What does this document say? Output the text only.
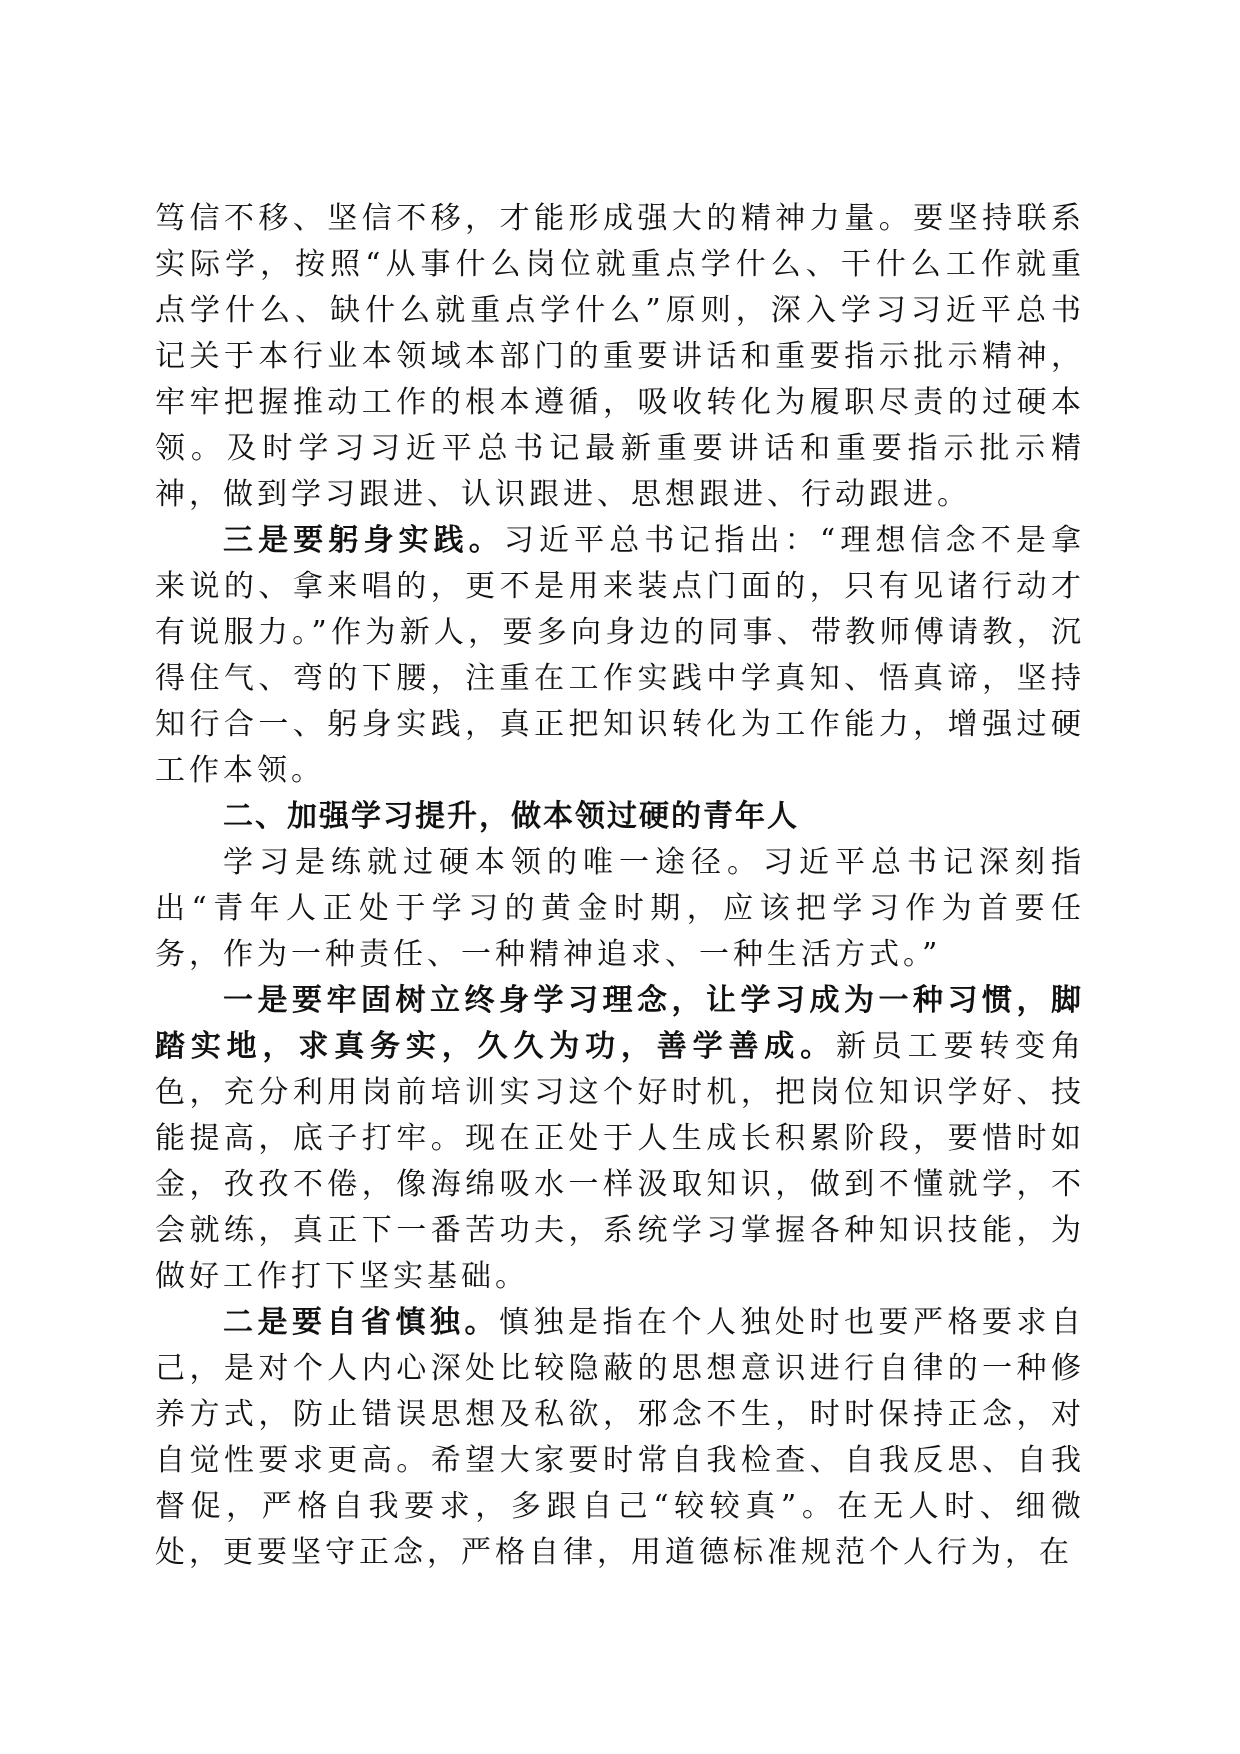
笃信不移、坚信不移，才能形成强大的精神力量。要坚持联系实际学，按照“从事什么岗位就重点学什么、干什么工作就重点学什么、缺什么就重点学什么”原则，深入学习习近平总书记关于本行业本领域本部门的重要讲话和重要指示批示精神，牢牢把握推动工作的根本遵循，吸收转化为履职尽责的过硬本领。及时学习习近平总书记最新重要讲话和重要指示批示精神，做到学习跟进、认识跟进、思想跟进、行动跟进。

三是要躬身实践。习近平总书记指出：“理想信念不是拿来说的、拿来唱的，更不是用来装点门面的，只有见诸行动才有说服力。”作为新人，要多向身边的同事、带教师傅请教，沉得住气、弯的下腰，注重在工作实践中学真知、悟真谛，坚持知行合一、躬身实践，真正把知识转化为工作能力，增强过硬工作本领。

二、加强学习提升，做本领过硬的青年人

学习是练就过硬本领的唯一途径。习近平总书记深刻指出“青年人正处于学习的黄金时期，应该把学习作为首要任务，作为一种责任、一种精神追求、一种生活方式。”

一是要牢固树立终身学习理念，让学习成为一种习惯，脚踏实地，求真务实，久久为功，善学善成。新员工要转变角色，充分利用岗前培训实习这个好时机，把岗位知识学好、技能提高，底子打牢。现在正处于人生成长积累阶段，要惜时如金，孜孜不倦，像海绵吸水一样汲取知识，做到不懂就学，不会就练，真正下一番苦功夫，系统学习掌握各种知识技能，为做好工作打下坚实基础。

二是要自省慎独。慎独是指在个人独处时也要严格要求自己，是对个人内心深处比较隐蔽的思想意识进行自律的一种修养方式，防止错误思想及私欲，邪念不生，时时保持正念，对自觉性要求更高。希望大家要时常自我检查、自我反思、自我督促，严格自我要求，多跟自己“较较真”。在无人时、细微处，更要坚守正念，严格自律，用道德标准规范个人行为，在
